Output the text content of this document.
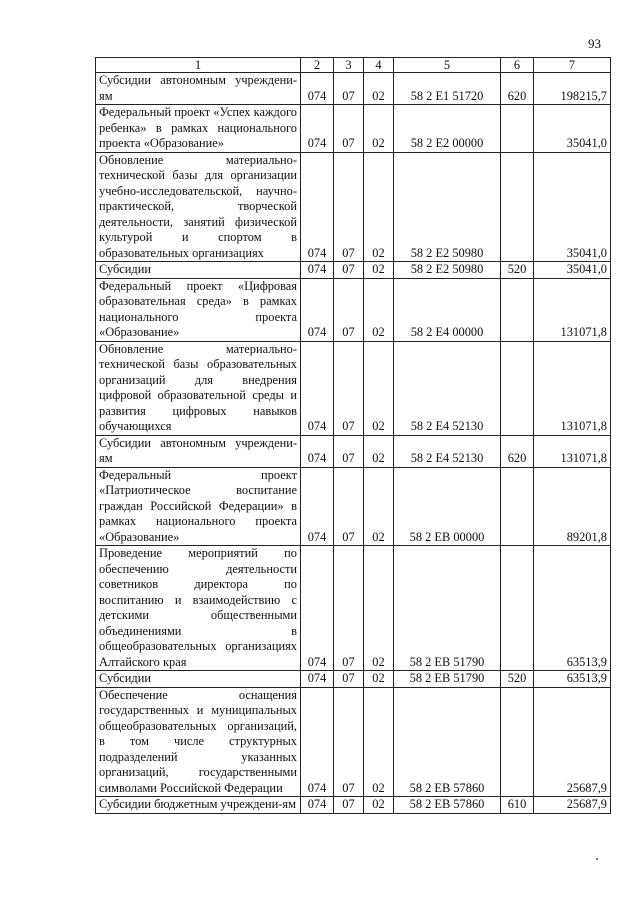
93
1	2	3	4	5	6	7
Субсидии автономным учреждени-ям	074	07	02	58 2 E1 51720	620	198215,7
Федеральный проект «Успех каждого ребенка» в рамках национального проекта «Образование»	074	07	02	58 2 E2 00000		35041,0
Обновление материально-технической базы для организации учебно-исследовательской, научно-практической, творческой деятельности, занятий физической культурой и спортом в образовательных организациях	074	07	02	58 2 E2 50980		35041,0
Субсидии	074	07	02	58 2 E2 50980	520	35041,0
Федеральный проект «Цифровая образовательная среда» в рамках национального проекта «Образование»	074	07	02	58 2 E4 00000		131071,8
Обновление материально-технической базы образовательных организаций для внедрения цифровой образовательной среды и развития цифровых навыков обучающихся	074	07	02	58 2 E4 52130		131071,8
Субсидии автономным учреждени-ям	074	07	02	58 2 E4 52130	620	131071,8
Федеральный проект «Патриотическое воспитание граждан Российской Федерации» в рамках национального проекта «Образование»	074	07	02	58 2 EB 00000		89201,8
Проведение мероприятий по обеспечению деятельности советников директора по воспитанию и взаимодействию с детскими общественными объединениями в общеобразовательных организациях Алтайского края	074	07	02	58 2 EB 51790		63513,9
Субсидии	074	07	02	58 2 EB 51790	520	63513,9
Обеспечение оснащения государственных и муниципальных общеобразовательных организаций, в том числе структурных подразделений указанных организаций, государственными символами Российской Федерации	074	07	02	58 2 EB 57860		25687,9
Субсидии бюджетным учреждени-ям	074	07	02	58 2 EB 57860	610	25687,9
